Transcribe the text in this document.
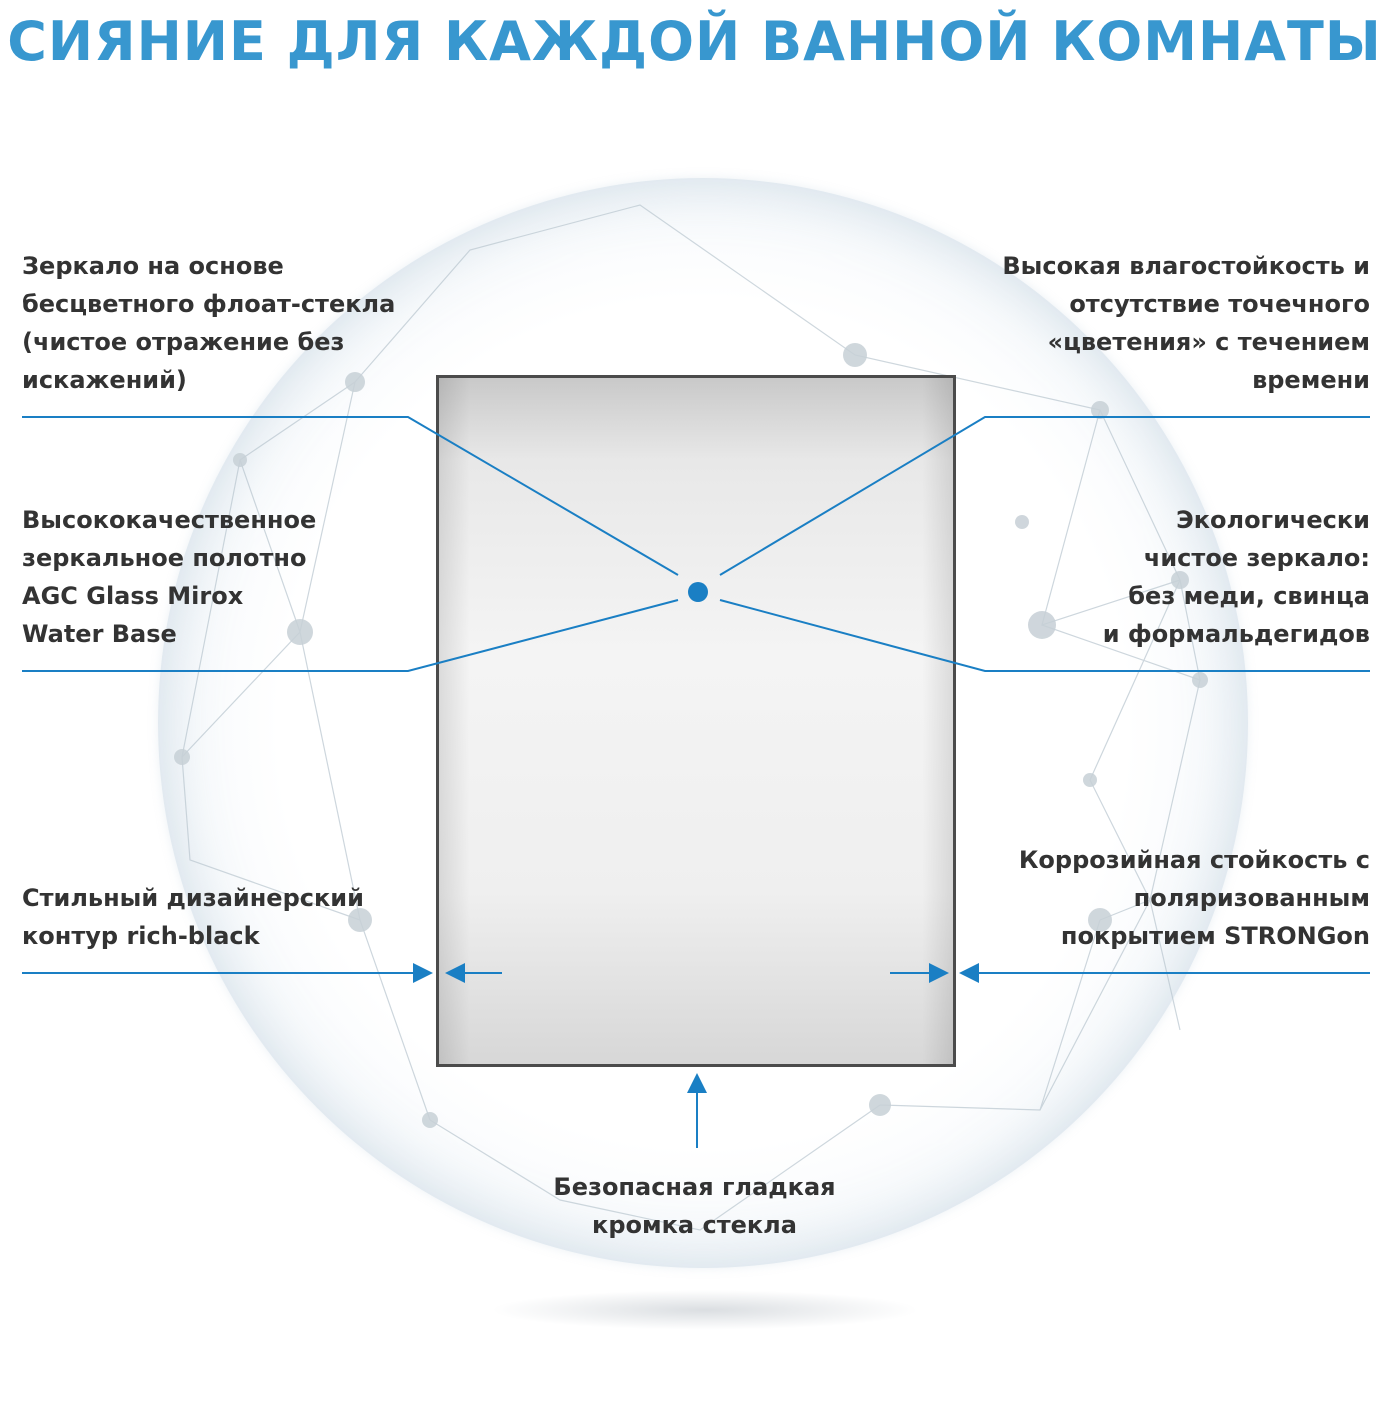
СИЯНИЕ ДЛЯ КАЖДОЙ ВАННОЙ КОМНАТЫ
Зеркало на основе
бесцветного флоат-стекла
(чистое отражение без
искажений)
Высококачественное
зеркальное полотно
AGC Glass Mirox
Water Base
Стильный дизайнерский
контур rich-black
Высокая влагостойкость и
отсутствие точечного
«цветения» с течением
времени
Экологически
чистое зеркало:
без меди, свинца
и формальдегидов
Коррозийная стойкость с
поляризованным
покрытием STRONGon
Безопасная гладкая
кромка стекла
